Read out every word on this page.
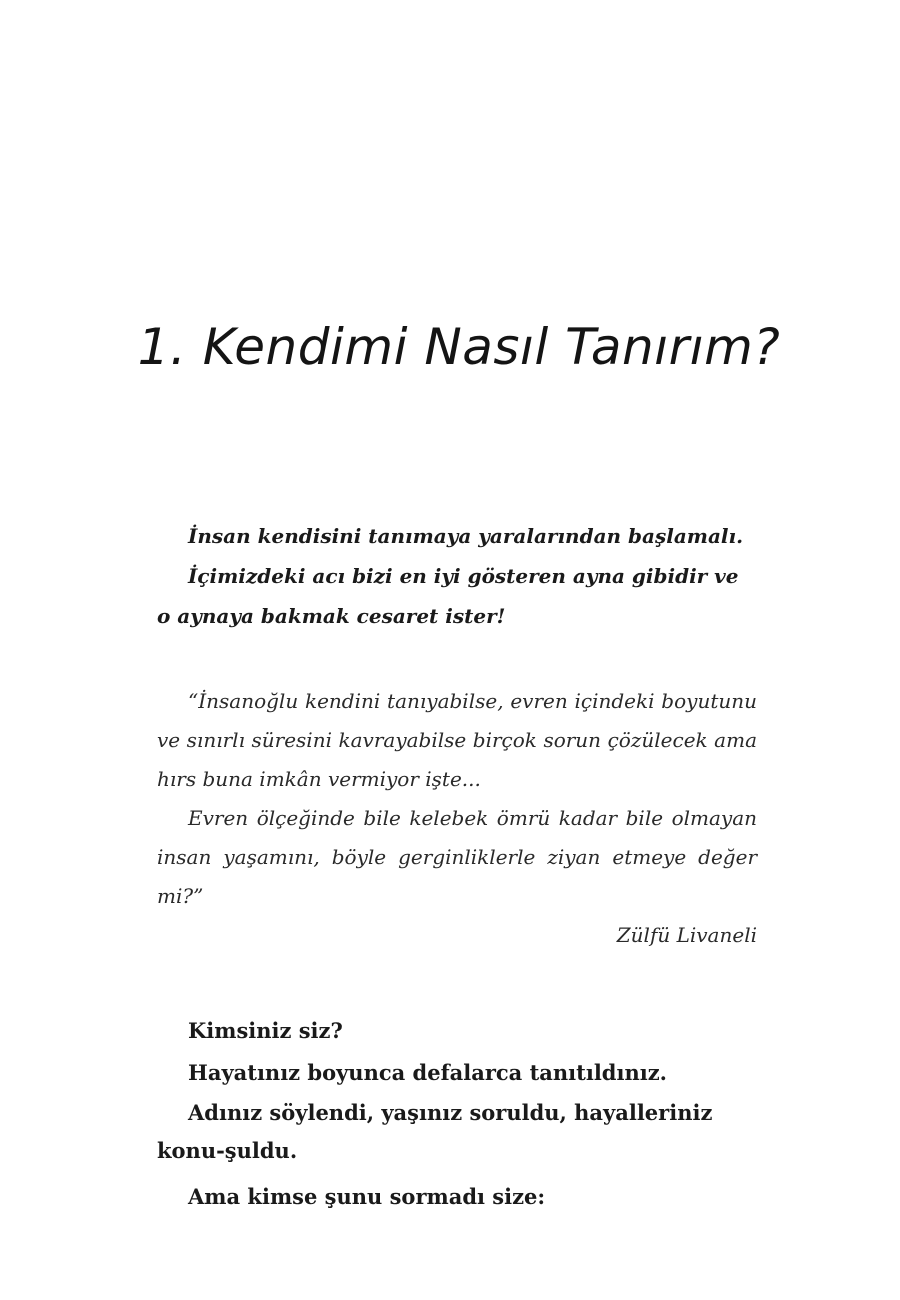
1. Kendimi Nasıl Tanırım?

İnsan kendisini tanımaya yaralarından başlamalı.

İçimizdeki acı bizi en iyi gösteren ayna gibidir ve o aynaya bakmak cesaret ister!

“İnsanoğlu kendini tanıyabilse, evren içindeki boyutunu ve sınırlı süresini kavrayabilse birçok sorun çözülecek ama hırs buna imkân vermiyor işte...

Evren ölçeğinde bile kelebek ömrü kadar bile olmayan insan yaşamını, böyle gerginliklerle ziyan etmeye değer mi?”

Zülfü Livaneli

Kimsiniz siz?

Hayatınız boyunca defalarca tanıtıldınız.

Adınız söylendi, yaşınız soruldu, hayalleriniz konu-şuldu.

Ama kimse şunu sormadı size:
